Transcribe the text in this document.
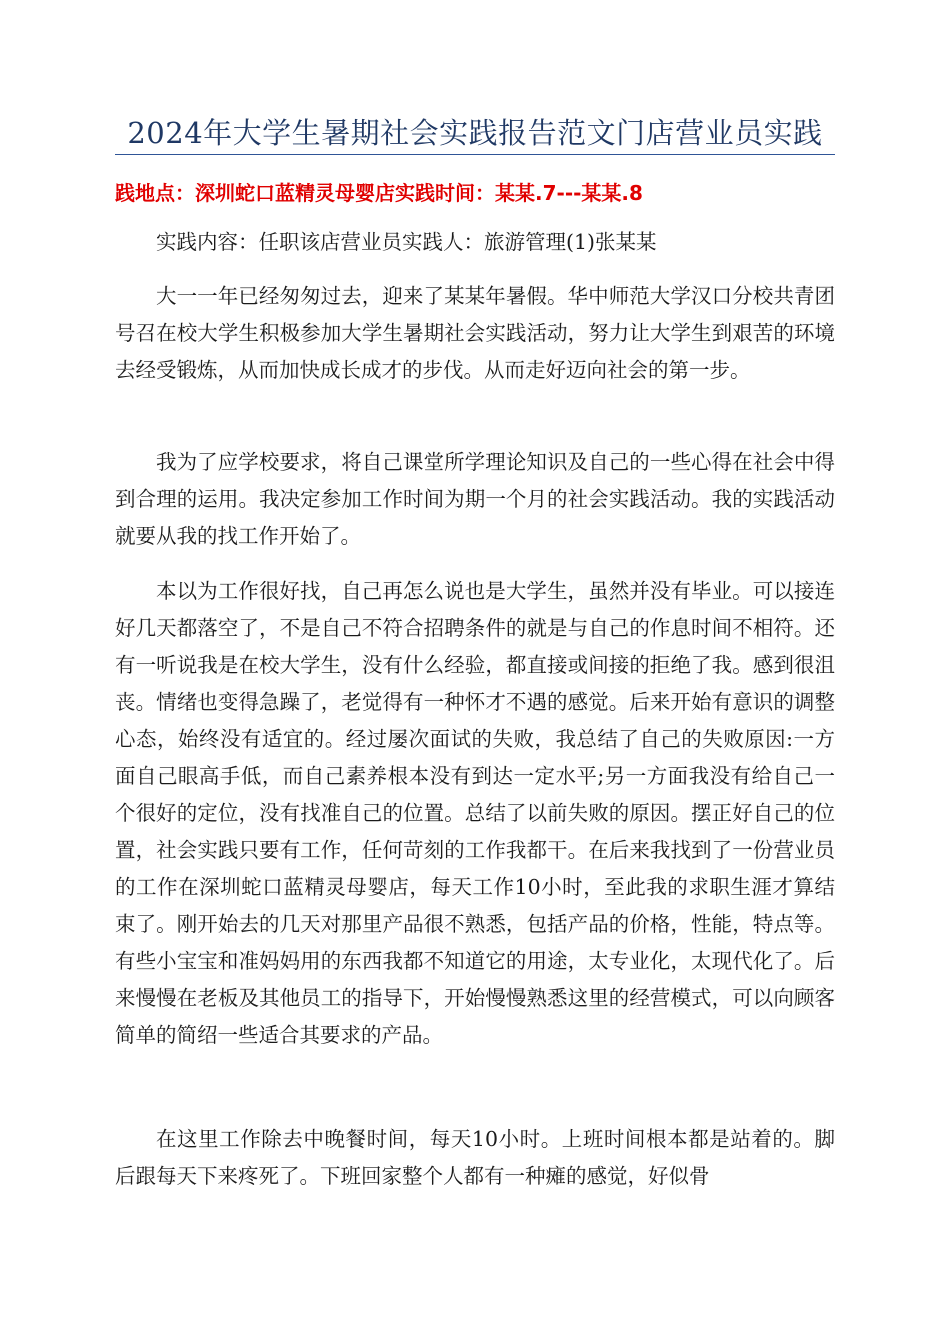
2024年大学生暑期社会实践报告范文门店营业员实践
践地点：深圳蛇口蓝精灵母婴店实践时间：某某.7---某某.8

实践内容：任职该店营业员实践人：旅游管理(1)张某某

大一一年已经匆匆过去，迎来了某某年暑假。华中师范大学汉口分校共青团号召在校大学生积极参加大学生暑期社会实践活动，努力让大学生到艰苦的环境去经受锻炼，从而加快成长成才的步伐。从而走好迈向社会的第一步。

我为了应学校要求，将自己课堂所学理论知识及自己的一些心得在社会中得到合理的运用。我决定参加工作时间为期一个月的社会实践活动。我的实践活动就要从我的找工作开始了。

本以为工作很好找，自己再怎么说也是大学生，虽然并没有毕业。可以接连好几天都落空了，不是自己不符合招聘条件的就是与自己的作息时间不相符。还有一听说我是在校大学生，没有什么经验，都直接或间接的拒绝了我。感到很沮丧。情绪也变得急躁了，老觉得有一种怀才不遇的感觉。后来开始有意识的调整心态，始终没有适宜的。经过屡次面试的失败，我总结了自己的失败原因:一方面自己眼高手低，而自己素养根本没有到达一定水平;另一方面我没有给自己一个很好的定位，没有找准自己的位置。总结了以前失败的原因。摆正好自己的位置，社会实践只要有工作，任何苛刻的工作我都干。在后来我找到了一份营业员的工作在深圳蛇口蓝精灵母婴店，每天工作10小时，至此我的求职生涯才算结束了。刚开始去的几天对那里产品很不熟悉，包括产品的价格，性能，特点等。有些小宝宝和准妈妈用的东西我都不知道它的用途，太专业化，太现代化了。后来慢慢在老板及其他员工的指导下，开始慢慢熟悉这里的经营模式，可以向顾客简单的简绍一些适合其要求的产品。

在这里工作除去中晚餐时间，每天10小时。上班时间根本都是站着的。脚后跟每天下来疼死了。下班回家整个人都有一种瘫的感觉，好似骨
